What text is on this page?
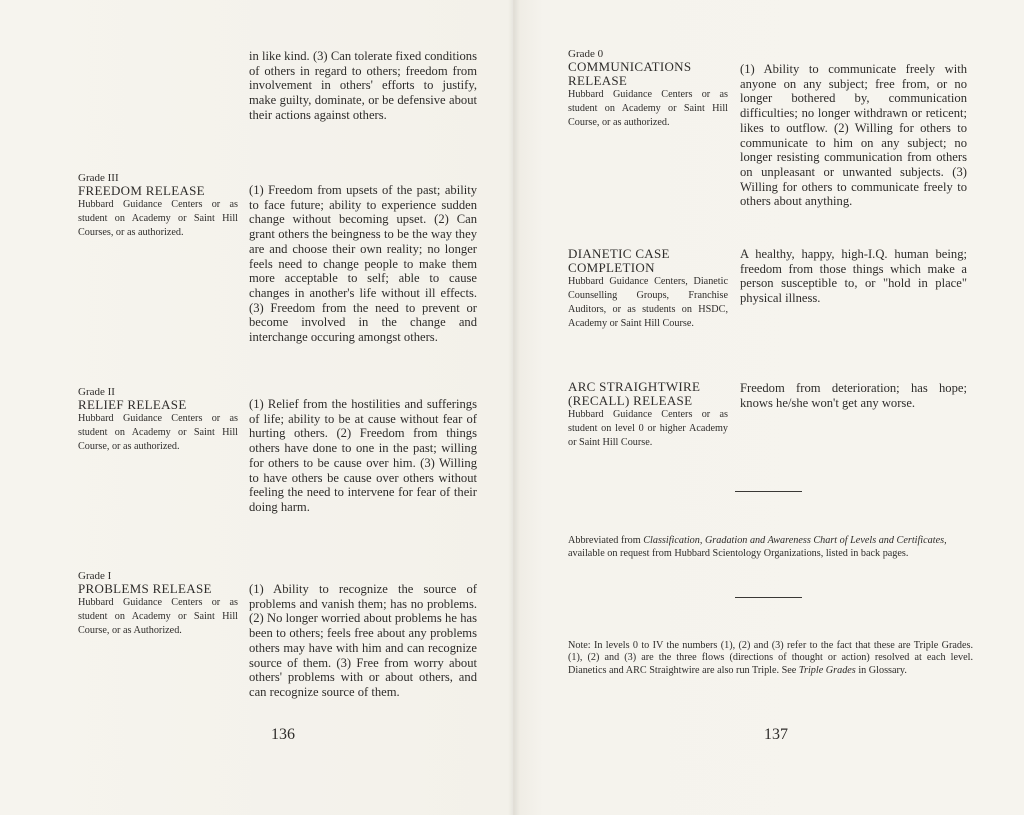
in like kind. (3) Can tolerate fixed conditions of others in regard to others; freedom from involvement in others' efforts to justify, make guilty, dominate, or be defensive about their actions against others.
Grade III
FREEDOM RELEASE
Hubbard Guidance Centers or as student on Academy or Saint Hill Courses, or as authorized.
(1) Freedom from upsets of the past; ability to face future; ability to experience sudden change without becoming upset. (2) Can grant others the beingness to be the way they are and choose their own reality; no longer feels need to change people to make them more acceptable to self; able to cause changes in another's life without ill effects. (3) Freedom from the need to prevent or become involved in the change and interchange occuring amongst others.
Grade II
RELIEF RELEASE
Hubbard Guidance Centers or as student on Academy or Saint Hill Course, or as authorized.
(1) Relief from the hostilities and sufferings of life; ability to be at cause without fear of hurting others. (2) Freedom from things others have done to one in the past; willing for others to be cause over him. (3) Willing to have others be cause over others without feeling the need to intervene for fear of their doing harm.
Grade I
PROBLEMS RELEASE
Hubbard Guidance Centers or as student on Academy or Saint Hill Course, or as Authorized.
(1) Ability to recognize the source of problems and vanish them; has no problems. (2) No longer worried about problems he has been to others; feels free about any problems others may have with him and can recognize source of them. (3) Free from worry about others' problems with or about others, and can recognize source of them.
136
Grade 0
COMMUNICATIONS RELEASE
Hubbard Guidance Centers or as student on Academy or Saint Hill Course, or as authorized.
(1) Ability to communicate freely with anyone on any subject; free from, or no longer bothered by, communication difficulties; no longer withdrawn or reticent; likes to outflow. (2) Willing for others to communicate to him on any subject; no longer resisting communication from others on unpleasant or unwanted subjects. (3) Willing for others to communicate freely to others about anything.
DIANETIC CASE COMPLETION
Hubbard Guidance Centers, Dianetic Counselling Groups, Franchise Auditors, or as students on HSDC, Academy or Saint Hill Course.
A healthy, happy, high-I.Q. human being; freedom from those things which make a person susceptible to, or "hold in place" physical illness.
ARC STRAIGHTWIRE (RECALL) RELEASE
Hubbard Guidance Centers or as student on level 0 or higher Academy or Saint Hill Course.
Freedom from deterioration; has hope; knows he/she won't get any worse.
Abbreviated from Classification, Gradation and Awareness Chart of Levels and Certificates, available on request from Hubbard Scientology Organizations, listed in back pages.
Note: In levels 0 to IV the numbers (1), (2) and (3) refer to the fact that these are Triple Grades. (1), (2) and (3) are the three flows (directions of thought or action) resolved at each level. Dianetics and ARC Straightwire are also run Triple. See Triple Grades in Glossary.
137
